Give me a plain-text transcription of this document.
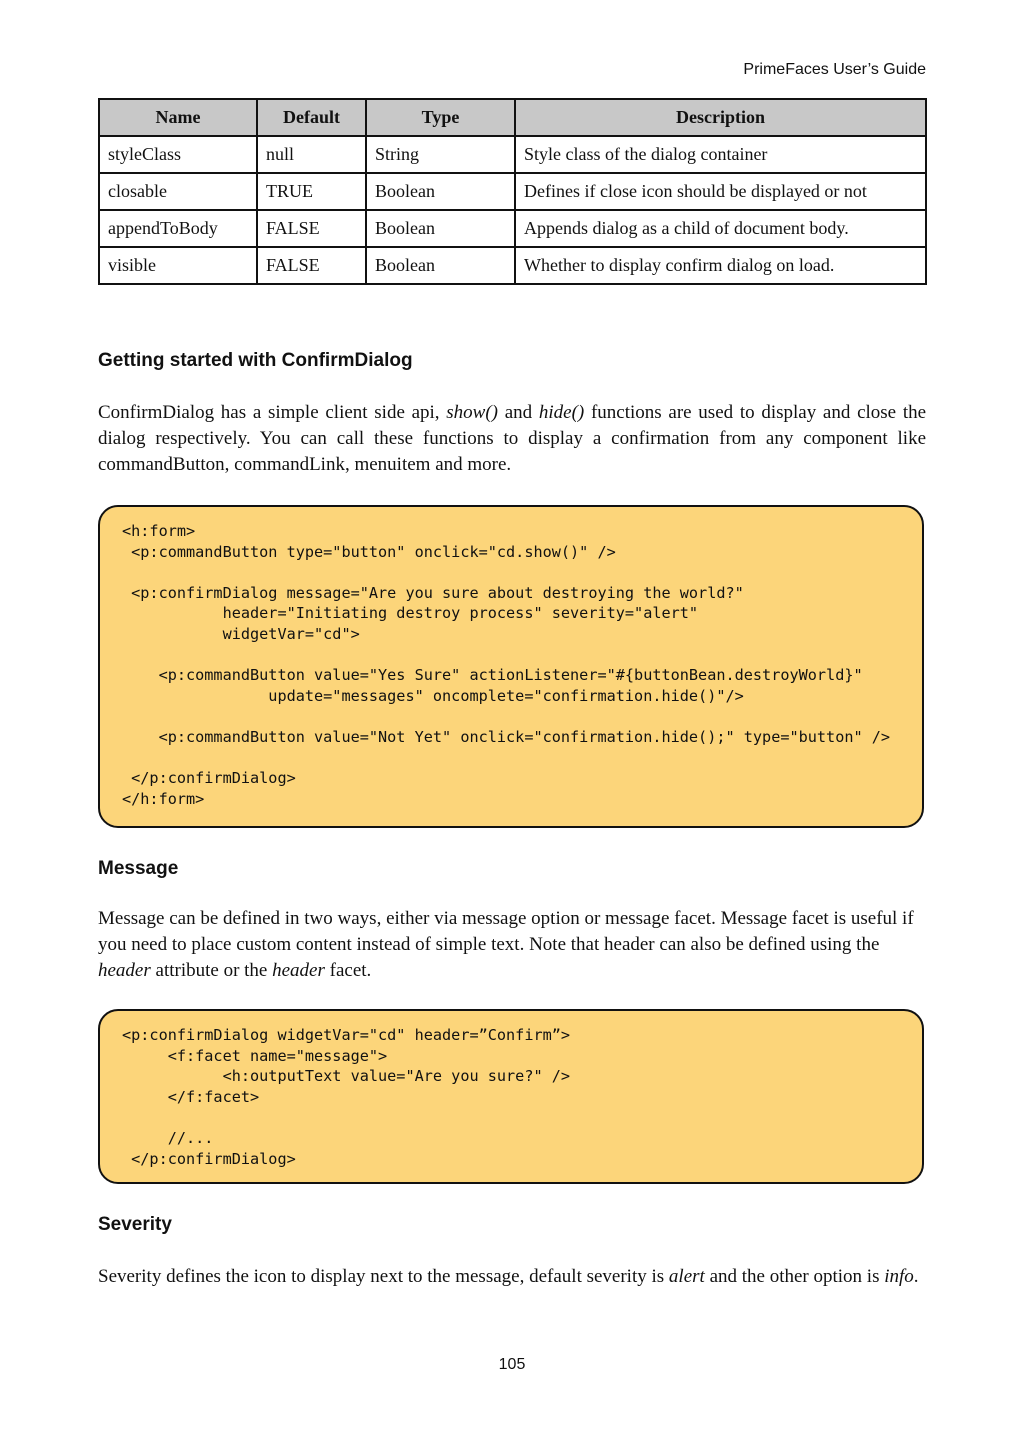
PrimeFaces User’s Guide
Name	Default	Type	Description
styleClass	null	String	Style class of the dialog container
closable	TRUE	Boolean	Defines if close icon should be displayed or not
appendToBody	FALSE	Boolean	Appends dialog as a child of document body.
visible	FALSE	Boolean	Whether to display confirm dialog on load.
Getting started with ConfirmDialog

ConfirmDialog has a simple client side api, show() and hide() functions are used to display and close the dialog respectively. You can call these functions to display a confirmation from any component like commandButton, commandLink, menuitem and more.

<h:form>
<p:commandButton type="button" onclick="cd.show()" />

<p:confirmDialog message="Are you sure about destroying the world?"
header="Initiating destroy process" severity="alert"
widgetVar="cd">

<p:commandButton value="Yes Sure" actionListener="#{buttonBean.destroyWorld}"
update="messages" oncomplete="confirmation.hide()"/>

<p:commandButton value="Not Yet" onclick="confirmation.hide();" type="button" />

</p:confirmDialog>
</h:form>
Message

Message can be defined in two ways, either via message option or message facet. Message facet is useful if you need to place custom content instead of simple text. Note that header can also be defined using the header attribute or the header facet.

<p:confirmDialog widgetVar="cd" header=”Confirm”>
<f:facet name="message">
<h:outputText value="Are you sure?" />
</f:facet>

//...
</p:confirmDialog>
Severity

Severity defines the icon to display next to the message, default severity is alert and the other option is info.

105
